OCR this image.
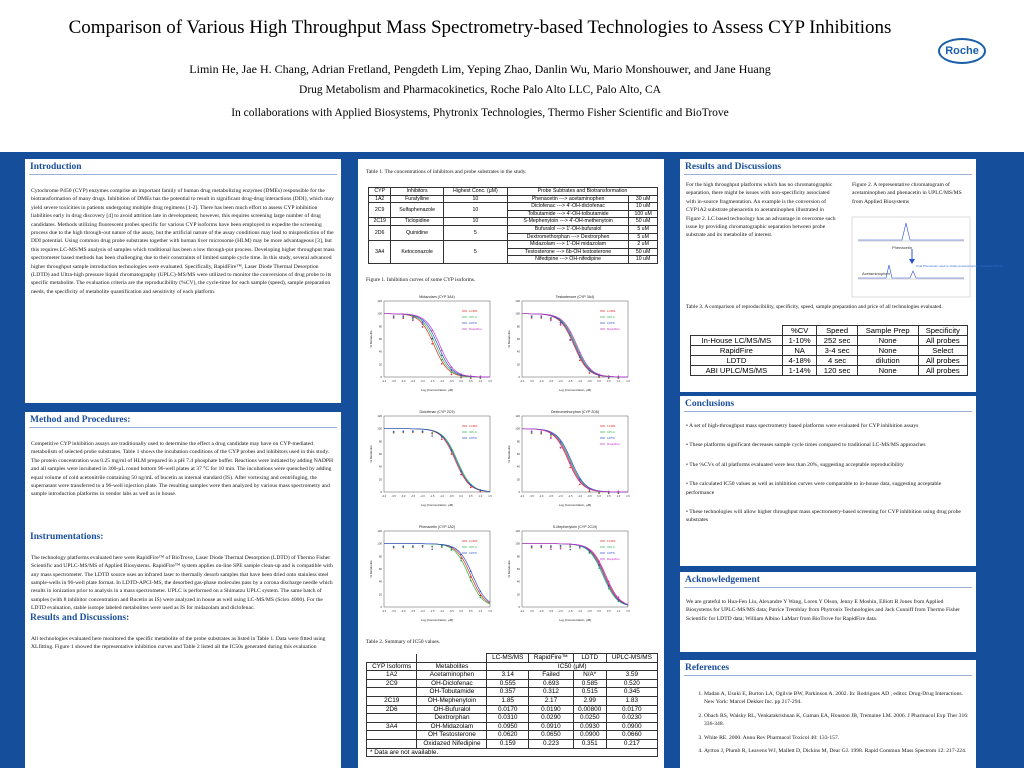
Comparison of Various High Throughput Mass Spectrometry-based Technologies to Assess CYP Inhibitions
Roche
Limin He, Jae H. Chang, Adrian Fretland, Pengdeth Lim, Yeping Zhao, Danlin Wu, Mario Monshouwer, and Jane Huang
Drug Metabolism and Pharmacokinetics, Roche Palo Alto LLC, Palo Alto, CA
In collaborations with Applied Biosystems, Phytronix Technologies, Thermo Fisher Scientific and BioTrove
Introduction
Cytochrome P450 (CYP) enzymes comprise an important family of human drug metabolizing enzymes (DMEs) responsible for the biotransformation of many drugs. Inhibition of DMEs has the potential to result in significant drug-drug interactions (DDI), which may yield severe toxicities in patients undergoing multiple drug regimens [1-2]. There has been much effort to assess CYP inhibition liabilities early in drug discovery [4] to avoid attrition late in development; however, this requires screening large number of drug candidates. Methods utilizing fluorescent probes specific for various CYP isoforms have been employed to expedite the screening process due to the high through-out nature of the assay, but the artificial nature of the assay conditions may lead to misprediction of the DDI potential. Using common drug probe substrates together with human liver microsome (HLM) may be more advantageous [3], but this requires LC-MS/MS analysis of samples which traditional has been a low through-put process. Developing higher throughput mass spectrometer based methods has been challenging due to their constraints of limited sample cycle time. In this study, several advanced higher throughput sample introduction technologies were evaluated. Specifically, RapidFire™, Laser Diode Thermal Desorption (LDTD) and Ultra-high pressure liquid chromatography (UPLC)-MS/MS were utilized to monitor the conversions of drug probe to its specific metabolite. The evaluation criteria are the reproducibility (%CV), the cycle-time for each sample (speed), sample preparation needs, the specificity of metabolite quantification and sensitivity of each platform.
Method and Procedures:
Competitive CYP inhibition assays are traditionally used to determine the effect a drug candidate may have on CYP-mediated metabolism of selected probe substrates. Table 1 shows the incubation conditions of the CYP probes and inhibitors used in this study. The protein concentration was 0.25 mg/ml of HLM prepared in a pH 7.4 phosphate buffer. Reactions were initiated by adding NADPH and all samples were incubated in 300-µL round bottom 96-well plates at 37 °C for 10 min. The incubations were quenched by adding equal volume of cold acetonitrile containing 50 ng/mL of bucetin as internal standard (IS). After vortexing and centrifuging, the supernatant were transferred to a 96-well injection plate. The resulting samples were then analyzed by various mass spectrometry and sample introduction platforms in vendor labs as well as in house.
Instrumentations:
The technology platforms evaluated here were RapidFire™ of BioTrove, Laser Diode Thermal Desorption (LDTD) of Thermo Fisher Scientific and UPLC-MS/MS of Applied Biosystems. RapidFire™ system applies on-line SPE sample clean-up and is compatible with any mass spectrometer. The LDTD source uses an infrared laser to thermally desorb samples that have been dried onto stainless steel sample-wells in 96-well plate format. In LDTD-APCI-MS, the desorbed gas-phase molecules pass by a corona discharge needle which results in ionization prior to analysis in a mass spectrometer. UPLC is performed on a Shimatzu UPLC system. The same batch of samples (with 8 inhibitor concentration and Bucetin as IS) were analyzed in house as well using LC-MS/MS (Sciex 4000). For the LDTD evaluation, stable isotope labeled metabolites were used as IS for midazolam and diclofenac.
Results and Discussions:
All technologies evaluated here monitored the specific metabolite of the probe substrates as listed in Table 1. Data were fitted using XLfitting. Figure 1 showed the representative inhibition curves and Table 2 listed all the IC50s generated during this evaluation
Table 1. The concentrations of inhibitors and probe substrates in the study.
CYP	Inhibitors	Highest Conc. (µM)	Probe Subtrates and Biotransformation	
1A2	Furafylline	10	Phenacetin ---> acetaminophen	30 uM
2C9	Sulfaphenazole	10	Diclofenac ---> 4'-OH-diclofenac	10 uM
			Tolbutamide ---> 4'-OH-tolbutamide	100 uM
2C19	Ticlopidine	10	S-Mephenytoin ---> 4'-OH-methenytoin	50 uM
2D6	Quinidine	5	Bufuralol ---> 1'-OH-bufuralol	5 uM
			Dextromethorphan ---> Dextrorphen	5 uM
3A4	Ketoconazole	5	Midazolam ---> 1'-OH midazolam	2 uM
			Testosterone ---> 6b-OH testosterone	50 uM
			Nifedipine ---> OH-nifedipine	10 uM
Figure 1. Inhibition curves of some CYP isoforms.
Midazolam (CYP 3A4)
0
20
40
60
80
100
120
-4.0 -3.5 -3.0 -2.5 -2.0 -1.5 -1.0 -0.5 0.0 0.5 1.0 1.5
Log [Concentration, µM]
% Metabolite
LCMS
UPLC
LDTD
RapidFire
Testosterone (CYP 3A4)
0
20
40
60
80
100
120
-4.0 -3.5 -3.0 -2.5 -2.0 -1.5 -1.0 -0.5 0.0 0.5 1.0 1.5
Log [Concentration, µM]
% Metabolite
LCMS
UPLC
LDTD
RapidFire
Diclofenac (CYP 2C9)
0
20
40
60
80
100
120
-4.0 -3.5 -3.0 -2.5 -2.0 -1.5 -1.0 -0.5 0.0 0.5 1.0 1.5
Log [Concentration, µM]
% Metabolite
LCMS
UPLC
LDTD
Dextromethorphan (CYP 2D6)
0
20
40
60
80
100
120
-4.0 -3.5 -3.0 -2.5 -2.0 -1.5 -1.0 -0.5 0.0 0.5 1.0 1.5
Log [Concentration, µM]
% Metabolite
LCMS
UPLC
LDTD
RapidFire
Phenacetin (CYP 1A2)
0
20
40
60
80
100
120
-4.0 -3.5 -3.0 -2.5 -2.0 -1.5 -1.0 -0.5 0.0 0.5 1.0 1.5
Log [Concentration, µM]
% Metabolite
LCMS
UPLC
LDTD
S-Mephenytoin (CYP 2C19)
0
20
40
60
80
100
120
-4.0 -3.5 -3.0 -2.5 -2.0 -1.5 -1.0 -0.5 0.0 0.5 1.0 1.5
Log [Concentration, µM]
% Metabolite
LCMS
UPLC
LDTD
RapidFire
Table 2. Summary of IC50 values.
		LC-MS/MS	RapidFire™	LDTD	UPLC-MS/MS
CYP Isoforms	Metabolites	IC50 (µM)			
1A2	Acetaminophen	3.14	Failed	N/A*	3.59
2C9	OH-Diclofenac	0.555	0.693	0.585	0.520
	OH-Tobutamide	0.357	0.312	0.515	0.345
2C19	OH-Mephenytoin	1.85	2.17	2.99	1.83
2D6	OH-Bufuralol	0.0170	0.0190	0.00800	0.0170
	Dextrorphan	0.0310	0.0290	0.0250	0.0230
3A4	OH-Midazolam	0.0950	0.0910	0.0930	0.0900
	OH Testosterone	0.0620	0.0650	0.0900	0.0660
	Oxidazed Nifedipine	0.159	0.223	0.351	0.217
* Data are not available.					
Results and Discussions
For the high throughput platforms which has no chromatographic separation, there might be issues with non-specificity associated with in-source fragmentation. An example is the conversion of CYP1A2 substrate phenacetin to acetaminophen illustrated in Figure 2. LC based technology has an advantage in overcome such issue by providing chromatographic separation between probe substrate and its metabolite of interest.
Figure 2. A representative chromatogram of acetaminophen and phenacetin in UPLC/MS/MS from Applied Biosystems
Phenacetin
Acetaminophen
Oxid Phenacetin used to obtain acetaminophen conversion #1 for
Table 3. A comparison of reproducibility, specificity, speed, sample preparation and price of all technologies evaluated.
	%CV	Speed	Sample Prep	Specificity
In-House LC/MS/MS	1-10%	252 sec	None	All probes
RapidFire	NA	3-4 sec	None	Select
LDTD	4-18%	4 sec	dilution	All probes
ABI UPLC/MS/MS	1-14%	120 sec	None	All probes
Conclusions

• A set of high-throughput mass spectrometry based platforms were evaluated for CYP inhibition assays

• These platforms significant decreases sample cycle times compared to traditional LC-MS/MS approaches

• The %CVs of all platforms evaluated were less than 20%, suggesting acceptable reproducibility

• The calculated IC50 values as well as inhibition curves were comparable to in-house data, suggesting acceptable performance

• These technologies will allow higher throughput mass spectrometry-based screening for CYP inhibition using drug probe substrates

Acknowledgement
We are grateful to Hua-Fen Liu, Alexandre Y Wang, Loren Y Olson, Jenny E Moshin, Elliott B Jones from Applied Biosystems for UPLC-MS/MS data; Patrice Tremblay from Phytronix Technologies and Jack Cunniff from Thermo Fisher Scientific for LDTD data; William Albino LaMarr from BioTrove for RapidFire data.
References
1. Madan A, Usuki E, Burton LA, Ogilvie BW, Parkinson A. 2002. In: Rodrigues AD , editor. Drug-Drug Interactions. New York: Marcel Dekker Inc. pp 217-294.
2. Obach RS, Walsky RL, Venkatakrishnan K, Gaman EA, Houston JB, Tremaine LM. 2006. J Pharmacol Exp Ther 316: 336-348.
3. White RE. 2000. Annu Rev Pharmacol Toxicol 40: 133-157.
4. Ayrton J, Plumb R, Leavens WJ, Mallett D, Dickins M, Dear GJ. 1998. Rapid Commun Mass Spectrom 12: 217-224.
